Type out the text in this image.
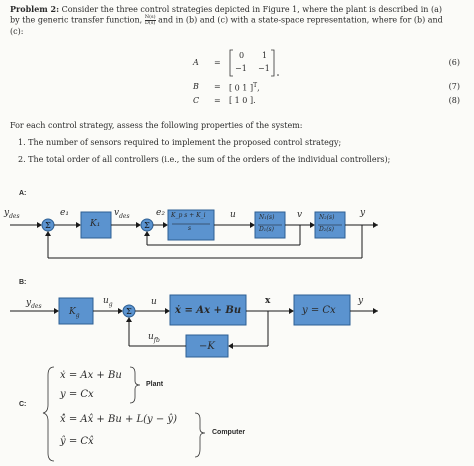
Problem 2: Consider the three control strategies depicted in Figure 1, where the plant is described in (a)
by the generic transfer function, $\frac{N(s)}{D(s)}$ and in (b) and (c) with a state-space representation, where for (b) and
(c):
A =
0 1
−1 −1
(6)
B = [ 0 1 ]$^T$,	(7)
C = [ 1 0 ].	(8)
For each control strategy, assess the following properties of the system:
1. The number of sensors required to implement the proposed control strategy;
2. The total order of all controllers (i.e., the sum of the orders of the individual controllers);
A:
Σ	Σ
$y_{des}$	e₁
K₁
$v_{des}$	e₂ K_p s + K_i
s
u	N₁(s)
D₁(s)
v	N₂(s)
D₂(s)
y
B:
Σ
$y_{des}$
$K_g$
$u_g$	u
ẋ = Ax + Bu
x
y = Cx
y
$u_{fb}$
−K
C:
ẋ = Ax + Bu
y = Cx
Plant
x̂̇ = Ax̂ + Bu + L(y − ŷ)
ŷ = Cx̂
Computer
